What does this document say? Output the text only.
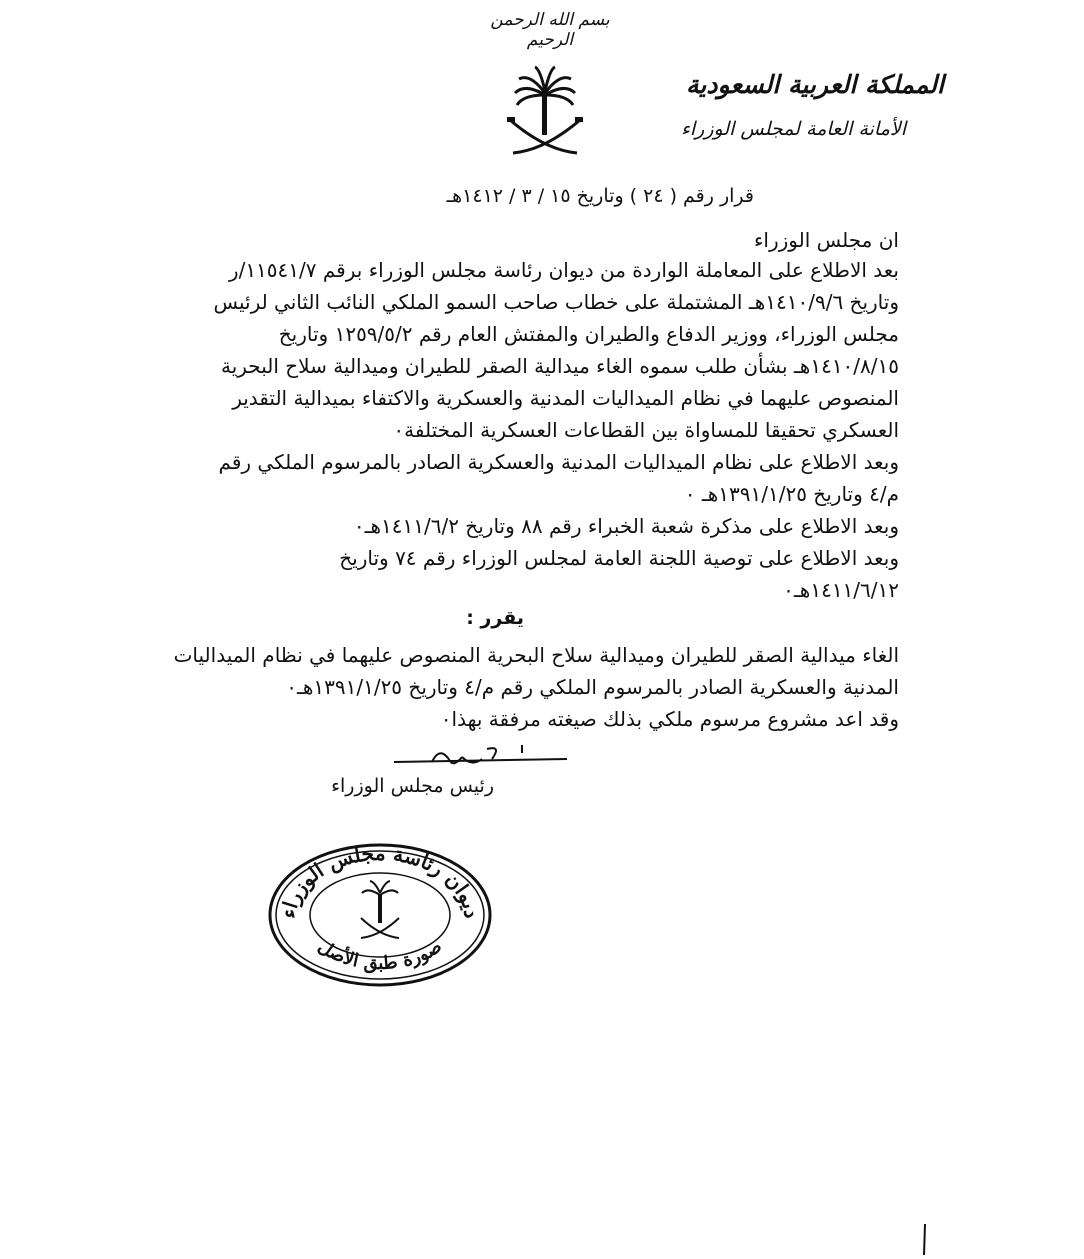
بسم الله الرحمن الرحيم
المملكة العربية السعودية
الأمانة العامة لمجلس الوزراء
قرار رقم ( ٢٤ ) وتاريخ ١٥ / ٣ / ١٤١٢هـ
ان مجلس الوزراء
بعد الاطلاع على المعاملة الواردة من ديوان رئاسة مجلس الوزراء برقم ١١٥٤١/٧/ر
وتاريخ ١٤١٠/٩/٦هـ المشتملة على خطاب صاحب السمو الملكي النائب الثاني لرئيس
مجلس الوزراء، ووزير الدفاع والطيران والمفتش العام رقم ١٢٥٩/٥/٢ وتاريخ
١٤١٠/٨/١٥هـ بشأن طلب سموه الغاء ميدالية الصقر للطيران وميدالية سلاح البحرية
المنصوص عليهما في نظام الميداليات المدنية والعسكرية والاكتفاء بميدالية التقدير
العسكري تحقيقا للمساواة بين القطاعات العسكرية المختلفة٠
وبعد الاطلاع على نظام الميداليات المدنية والعسكرية الصادر بالمرسوم الملكي رقم
م/٤ وتاريخ ١٣٩١/١/٢٥هـ ٠
وبعد الاطلاع على مذكرة شعبة الخبراء رقم ٨٨ وتاريخ ١٤١١/٦/٢هـ٠
وبعد الاطلاع على توصية اللجنة العامة لمجلس الوزراء رقم ٧٤ وتاريخ
١٤١١/٦/١٢هـ٠
يقرر :
الغاء ميدالية الصقر للطيران وميدالية سلاح البحرية المنصوص عليهما في نظام الميداليات
المدنية والعسكرية الصادر بالمرسوم الملكي رقم م/٤ وتاريخ ١٣٩١/١/٢٥هـ٠
وقد اعد مشروع مرسوم ملكي بذلك صيغته مرفقة بهذا٠
رئيس مجلس الوزراء
ديوان رئاسة مجلس الوزراء
صورة طبق الأصل
